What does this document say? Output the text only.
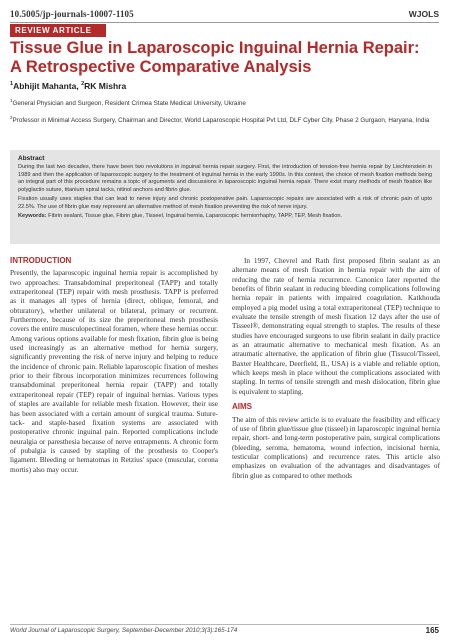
10.5005/jp-journals-10007-1105	WJOLS
REVIEW ARTICLE
Tissue Glue in Laparoscopic Inguinal Hernia Repair: A Retrospective Comparative Analysis
$^1$Abhijit Mahanta, $^2$RK Mishra
$^1$General Physician and Surgeon, Resident Crimea State Medical University, Ukraine
$^2$Professor in Minimal Access Surgery, Chairman and Director, World Laparoscopic Hospital Pvt Ltd, DLF Cyber City, Phase 2 Gurgaon, Haryana, India
Abstract

During the last two decades, there have been two revolutions in inguinal hernia repair surgery. First, the introduction of tension-free hernia repair by Liechtenstein in 1989 and then the application of laparoscopic surgery to the treatment of inguinal hernia in the early 1990s. In this context, the choice of mesh fixation methods being an integral part of this procedure remains a topic of arguments and discussions in laparoscopic inguinal hernia repair. There exist many methods of mesh fixation like polyglactin suture, titanium spiral tacks, nitinol anchors and fibrin glue.

Fixation usually uses staples that can lead to nerve injury and chronic postoperative pain. Laparoscopic repairs are associated with a risk of chronic pain of upto 22.5%. The use of fibrin glue may represent an alternative method of mesh fixation preventing the risk of nerve injury.

Keywords: Fibrin sealant, Tissue glue, Fibrin glue, Tisseel, Inguinal hernia, Laparoscopic herniorrhaphy, TAPP, TEP, Mesh fixation.
INTRODUCTION

Presently, the laparoscopic inguinal hernia repair is accomplished by two approaches: Transabdominal preperitoneal (TAPP) and totally extraperitoneal (TEP) repair with mesh prosthesis. TAPP is preferred as it manages all types of hernia (direct, oblique, femoral, and obturatory), whether unilateral or bilateral, primary or recurrent. Furthermore, because of its size the preperitoneal mesh prosthesis covers the entire musculopectineal foramen, where these hernias occur. Among various options available for mesh fixation, fibrin glue is being used increasingly as an alternative method for hernia surgery, significantly preventing the risk of nerve injury and helping to reduce the incidence of chronic pain. Reliable laparoscopic fixation of meshes prior to their fibrous incorporation minimizes recurrences following transabdominal preperitoneal hernia repair (TAPP) and totally extraperitoneal repair (TEP) repair of inguinal hernias. Various types of staples are available for reliable mesh fixation. However, their use has been associated with a certain amount of surgical trauma. Suture-tack- and staple-based fixation systems are associated with postoperative chronic inguinal pain. Reported complications include neuralgia or paresthesia because of nerve entrapments. A chronic form of pubalgia is caused by stapling of the prosthesis to Cooper's ligament. Bleeding or hematomas in Retzius' space (muscular, corona mortis) also may occur.

In 1997, Chevrel and Rath first proposed fibrin sealant as an alternate means of mesh fixation in hernia repair with the aim of reducing the rate of hernia recurrence. Canonico later reported the benefits of fibrin sealant in reducing bleeding complications following hernia repair in patients with impaired coagulation. Katkhouda employed a pig model using a total extraperitoneal (TEP) technique to evaluate the tensile strength of mesh fixation 12 days after the use of Tisseel®, demonstrating equal strength to staples. The results of these studies have encouraged surgeons to use fibrin sealant in daily practice as an atraumatic alternative to mechanical mesh fixation. As an atraumatic alternative, the application of fibrin glue (Tissucol/Tisseel, Baxter Healthcare, Deerfield, IL, USA) is a viable and reliable option, which keeps mesh in place without the complications associated with stapling. In terms of tensile strength and mesh dislocation, fibrin glue is equivalent to stapling.

AIMS

The aim of this review article is to evaluate the feasibility and efficacy of use of fibrin glue/tissue glue (tisseel) in laparoscopic inguinal hernia repair, short- and long-term postoperative pain, surgical complications (bleeding, seroma, hematoma, wound infection, incisional hernia, testicular complications) and recurrence rates. This article also emphasizes on evaluation of the advantages and disadvantages of fibrin glue as compared to other methods

World Journal of Laparoscopic Surgery, September-December 2010;3(3):165-174	165
